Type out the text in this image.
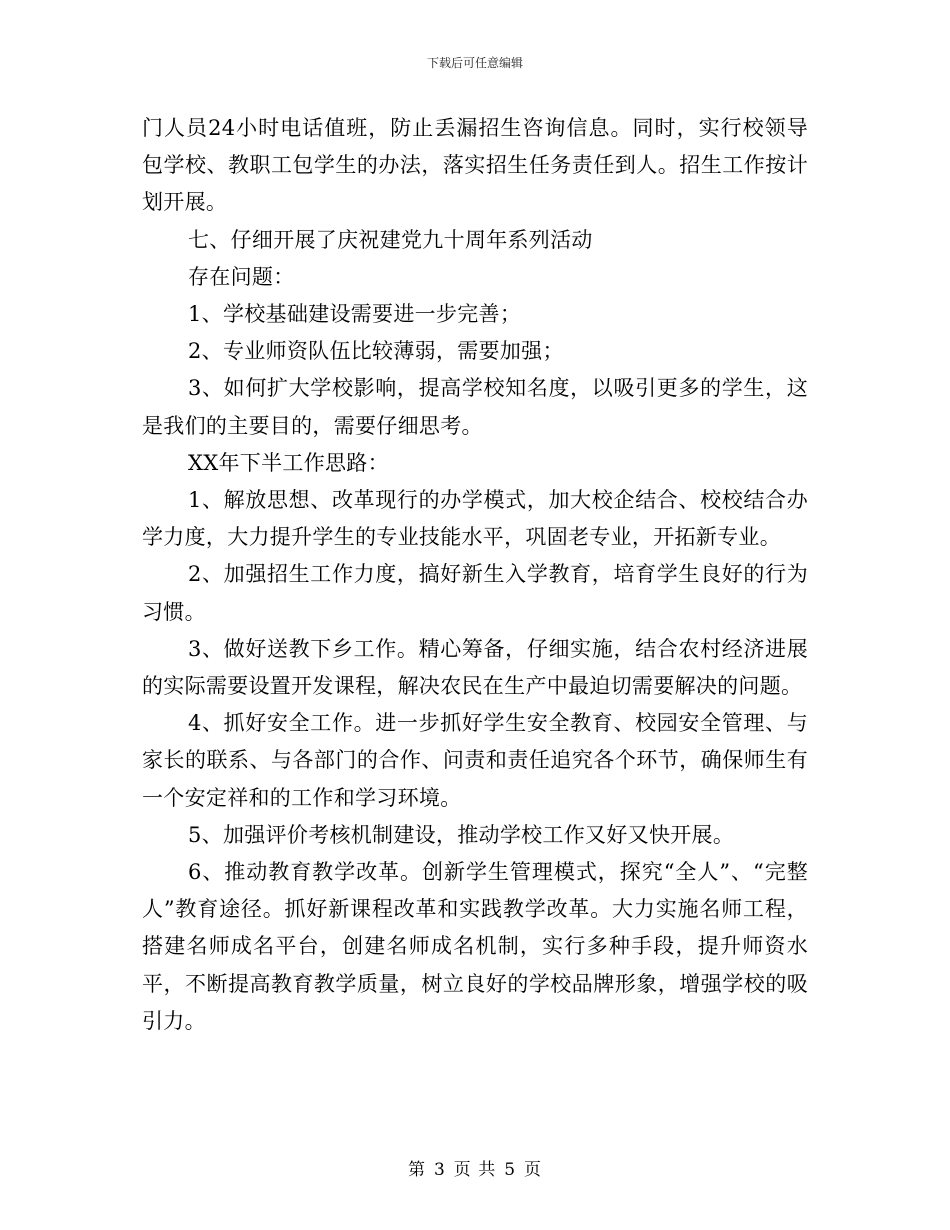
下载后可任意编辑

门人员24小时电话值班，防止丢漏招生咨询信息。同时，实行校领导包学校、教职工包学生的办法，落实招生任务责任到人。招生工作按计划开展。

七、仔细开展了庆祝建党九十周年系列活动

存在问题：

1、学校基础建设需要进一步完善；

2、专业师资队伍比较薄弱，需要加强；

3、如何扩大学校影响，提高学校知名度，以吸引更多的学生，这是我们的主要目的，需要仔细思考。

XX年下半工作思路：

1、解放思想、改革现行的办学模式，加大校企结合、校校结合办学力度，大力提升学生的专业技能水平，巩固老专业，开拓新专业。

2、加强招生工作力度，搞好新生入学教育，培育学生良好的行为习惯。

3、做好送教下乡工作。精心筹备，仔细实施，结合农村经济进展的实际需要设置开发课程，解决农民在生产中最迫切需要解决的问题。

4、抓好安全工作。进一步抓好学生安全教育、校园安全管理、与家长的联系、与各部门的合作、问责和责任追究各个环节，确保师生有一个安定祥和的工作和学习环境。

5、加强评价考核机制建设，推动学校工作又好又快开展。

6、推动教育教学改革。创新学生管理模式，探究“全人”、“完整人”教育途径。抓好新课程改革和实践教学改革。大力实施名师工程，搭建名师成名平台，创建名师成名机制，实行多种手段，提升师资水平，不断提高教育教学质量，树立良好的学校品牌形象，增强学校的吸引力。

第 3 页 共 5 页
